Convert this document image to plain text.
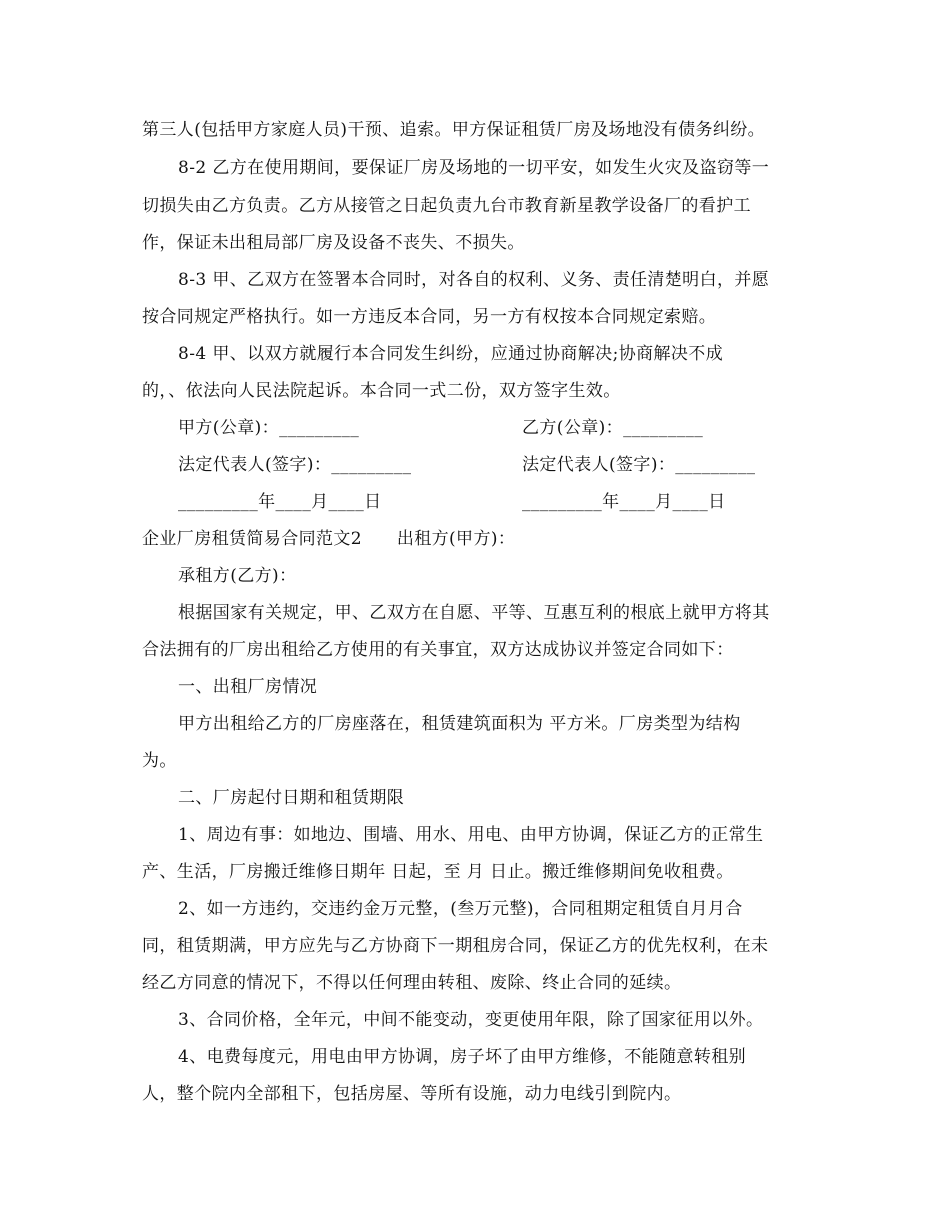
第三人(包括甲方家庭人员)干预、追索。甲方保证租赁厂房及场地没有债务纠纷。
8-2 乙方在使用期间，要保证厂房及场地的一切平安，如发生火灾及盗窃等一
切损失由乙方负责。乙方从接管之日起负责九台市教育新星教学设备厂的看护工
作，保证未出租局部厂房及设备不丧失、不损失。
8-3 甲、乙双方在签署本合同时，对各自的权利、义务、责任清楚明白，并愿
按合同规定严格执行。如一方违反本合同，另一方有权按本合同规定索赔。
8-4 甲、以双方就履行本合同发生纠纷，应通过协商解决;协商解决不成
的，、依法向人民法院起诉。本合同一式二份，双方签字生效。
甲方(公章)：_________	乙方(公章)：_________
法定代表人(签字)：_________	法定代表人(签字)：_________
_________年____月____日	_________年____月____日
企业厂房租赁简易合同范文2　　出租方(甲方)：
承租方(乙方)：
根据国家有关规定，甲、乙双方在自愿、平等、互惠互利的根底上就甲方将其
合法拥有的厂房出租给乙方使用的有关事宜，双方达成协议并签定合同如下：
一、出租厂房情况
甲方出租给乙方的厂房座落在，租赁建筑面积为 平方米。厂房类型为结构
为。
二、厂房起付日期和租赁期限
1、周边有事：如地边、围墙、用水、用电、由甲方协调，保证乙方的正常生
产、生活，厂房搬迁维修日期年 日起，至 月 日止。搬迁维修期间免收租费。
2、如一方违约，交违约金万元整，(叁万元整)，合同租期定租赁自月月合
同，租赁期满，甲方应先与乙方协商下一期租房合同，保证乙方的优先权利，在未
经乙方同意的情况下，不得以任何理由转租、废除、终止合同的延续。
3、合同价格，全年元，中间不能变动，变更使用年限，除了国家征用以外。
4、电费每度元，用电由甲方协调，房子坏了由甲方维修，不能随意转租别
人，整个院内全部租下，包括房屋、等所有设施，动力电线引到院内。
